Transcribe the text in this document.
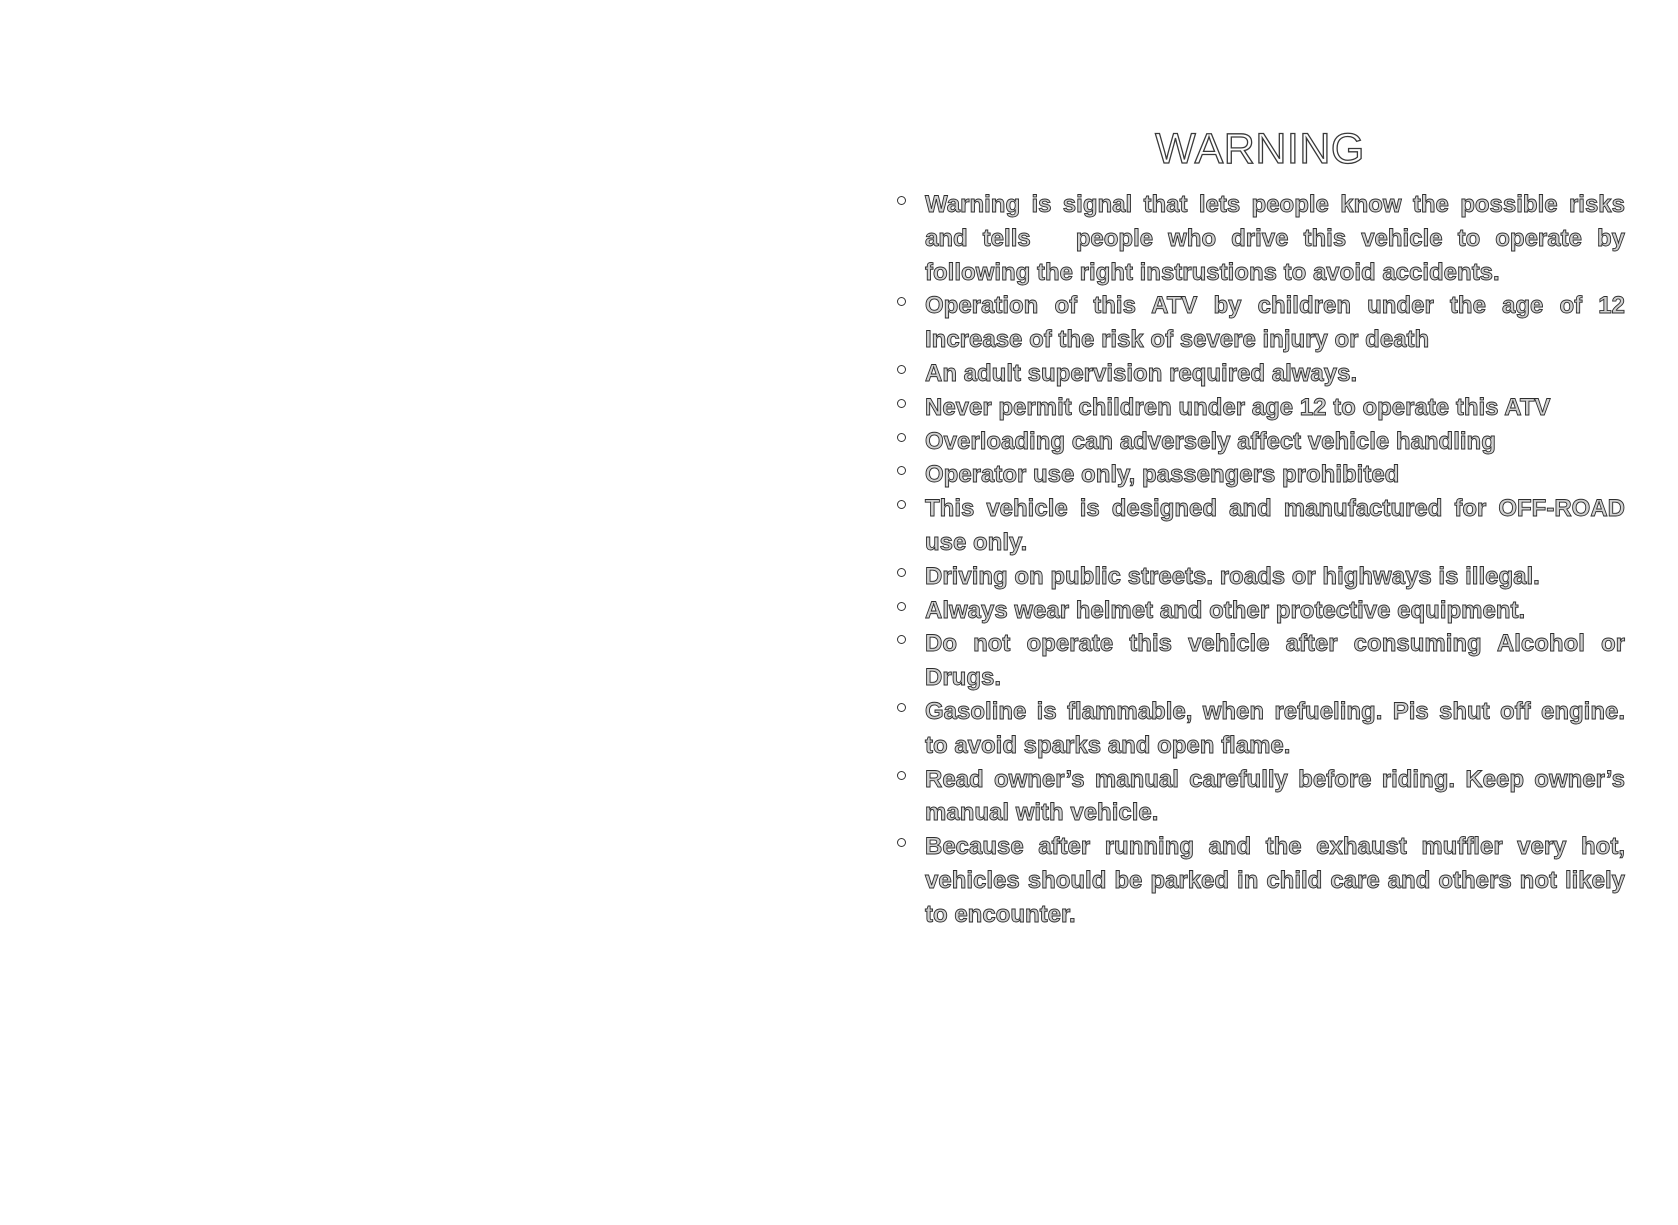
WARNING
Warning is signal that lets people know the possible risks and tells   people who drive this vehicle to operate by following the right instrustions to avoid accidents.
Operation of this ATV by children under the age of 12 Increase of the risk of severe injury or death
An adult supervision required always.
Never permit children under age 12 to operate this ATV
Overloading can adversely affect vehicle handling
Operator use only, passengers prohibited
This vehicle is designed and manufactured for OFF-ROAD use only.
Driving on public streets. roads or highways is illegal.
Always wear helmet and other protective equipment.
Do not operate this vehicle after consuming Alcohol or Drugs.
Gasoline is flammable, when refueling. Pis shut off engine. to avoid sparks and open flame.
Read owner’s manual carefully before riding. Keep owner’s manual with vehicle.
Because after running and the exhaust muffler very hot, vehicles should be parked in child care and others not likely to encounter.
